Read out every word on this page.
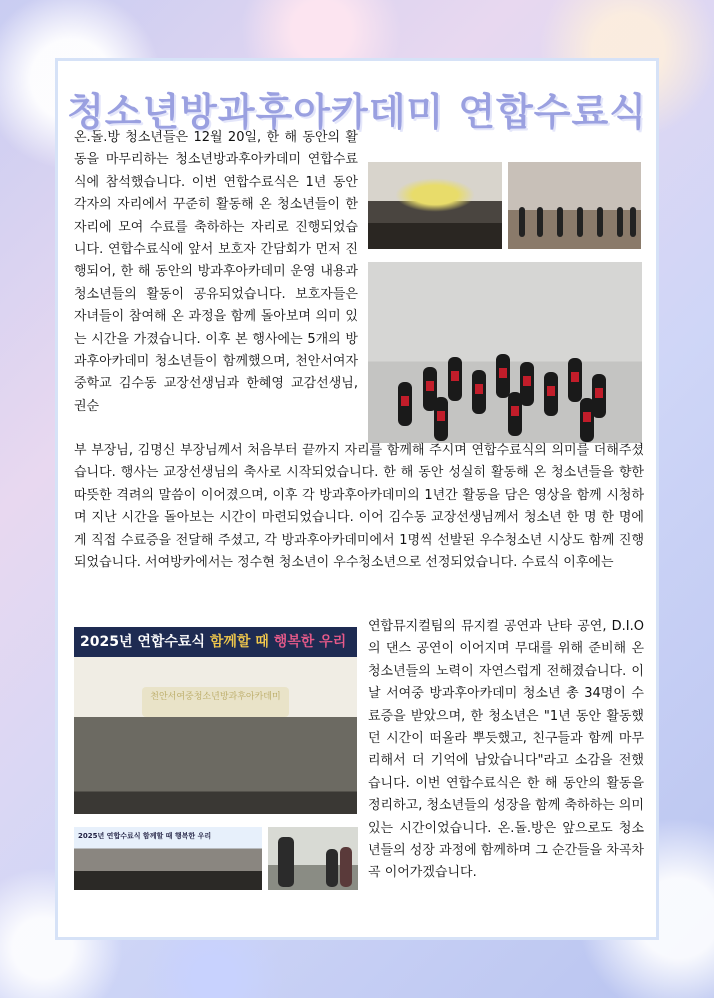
청소년방과후아카데미 연합수료식

온.돌.방 청소년들은 12월 20일, 한 해 동안의 활동을 마무리하는 청소년방과후아카데미 연합수료식에 참석했습니다. 이번 연합수료식은 1년 동안 각자의 자리에서 꾸준히 활동해 온 청소년들이 한 자리에 모여 수료를 축하하는 자리로 진행되었습니다. 연합수료식에 앞서 보호자 간담회가 먼저 진행되어, 한 해 동안의 방과후아카데미 운영 내용과 청소년들의 활동이 공유되었습니다. 보호자들은 자녀들이 참여해 온 과정을 함께 돌아보며 의미 있는 시간을 가졌습니다. 이후 본 행사에는 5개의 방과후아카데미 청소년들이 함께했으며, 천안서여자중학교 김수동 교장선생님과 한혜영 교감선생님, 권순

부 부장님, 김명신 부장님께서 처음부터 끝까지 자리를 함께해 주시며 연합수료식의 의미를 더해주셨습니다. 행사는 교장선생님의 축사로 시작되었습니다. 한 해 동안 성실히 활동해 온 청소년들을 향한 따뜻한 격려의 말씀이 이어졌으며, 이후 각 방과후아카데미의 1년간 활동을 담은 영상을 함께 시청하며 지난 시간을 돌아보는 시간이 마련되었습니다. 이어 김수동 교장선생님께서 청소년 한 명 한 명에게 직접 수료증을 전달해 주셨고, 각 방과후아카데미에서 1명씩 선발된 우수청소년 시상도 함께 진행되었습니다. 서여방카에서는 정수현 청소년이 우수청소년으로 선정되었습니다. 수료식 이후에는

2025년 연합수료식 함께할 때 행복한 우리
천안서여중청소년방과후아카데미
2025년 연합수료식 함께할 때 행복한 우리

연합뮤지컬팀의 뮤지컬 공연과 난타 공연, D.I.O의 댄스 공연이 이어지며 무대를 위해 준비해 온 청소년들의 노력이 자연스럽게 전해졌습니다. 이날 서여중 방과후아카데미 청소년 총 34명이 수료증을 받았으며, 한 청소년은 "1년 동안 활동했던 시간이 떠올라 뿌듯했고, 친구들과 함께 마무리해서 더 기억에 남았습니다"라고 소감을 전했습니다. 이번 연합수료식은 한 해 동안의 활동을 정리하고, 청소년들의 성장을 함께 축하하는 의미 있는 시간이었습니다. 온.돌.방은 앞으로도 청소년들의 성장 과정에 함께하며 그 순간들을 차곡차곡 이어가겠습니다.
